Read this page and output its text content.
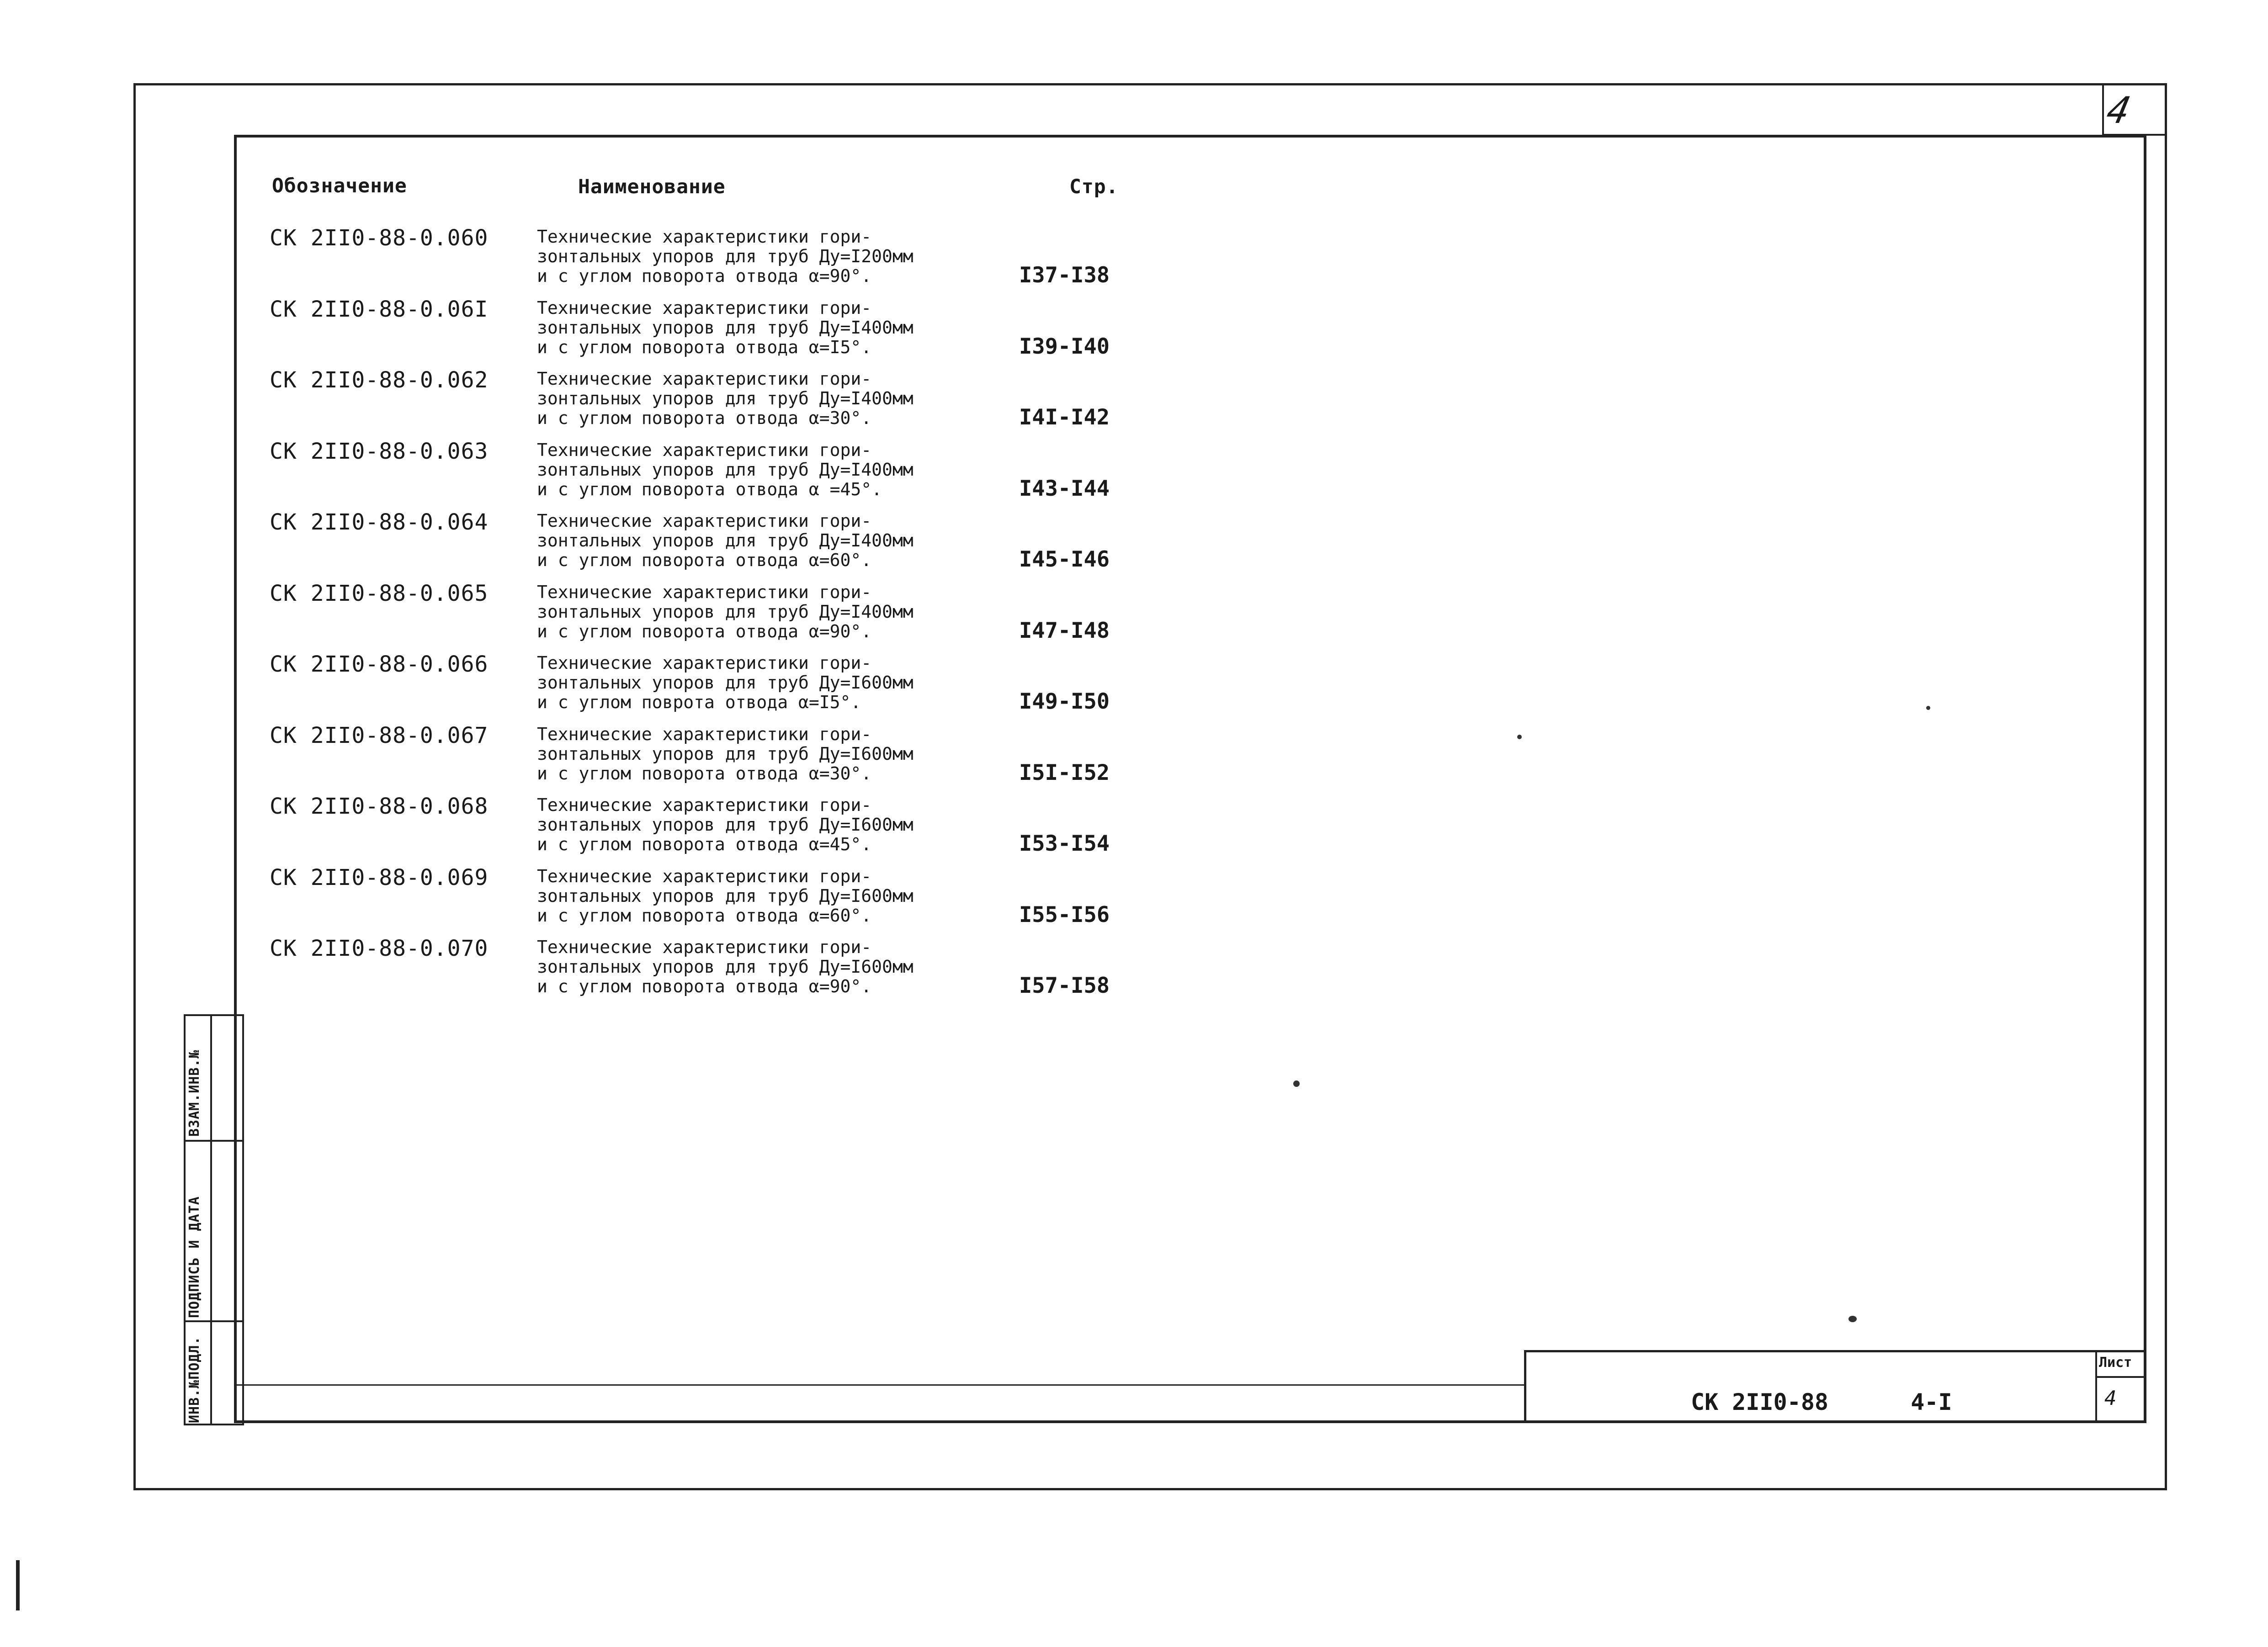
4
ИНВ.№ПОДЛ.
ПОДПИСЬ И ДАТА
ВЗАМ.ИНВ.№
Лист
4
СК 2II0-88	4-I
Обозначение	Наименование	Стр.
СК 2II0-88-0.060	Технические характеристики гори-
зонтальных упоров для труб Ду=I200мм
и с углом поворота отвода α=90°.	I37-I38
СК 2II0-88-0.06I	Технические характеристики гори-
зонтальных упоров для труб Ду=I400мм
и с углом поворота отвода α=I5°.	I39-I40
СК 2II0-88-0.062	Технические характеристики гори-
зонтальных упоров для труб Ду=I400мм
и с углом поворота отвода α=30°.	I4I-I42
СК 2II0-88-0.063	Технические характеристики гори-
зонтальных упоров для труб Ду=I400мм
и с углом поворота отвода α =45°.	I43-I44
СК 2II0-88-0.064	Технические характеристики гори-
зонтальных упоров для труб Ду=I400мм
и с углом поворота отвода α=60°.	I45-I46
СК 2II0-88-0.065	Технические характеристики гори-
зонтальных упоров для труб Ду=I400мм
и с углом поворота отвода α=90°.	I47-I48
СК 2II0-88-0.066	Технические характеристики гори-
зонтальных упоров для труб Ду=I600мм
и с углом поврота отвода α=I5°.	I49-I50
СК 2II0-88-0.067	Технические характеристики гори-
зонтальных упоров для труб Ду=I600мм
и с углом поворота отвода α=30°.	I5I-I52
СК 2II0-88-0.068	Технические характеристики гори-
зонтальных упоров для труб Ду=I600мм
и с углом поворота отвода α=45°.	I53-I54
СК 2II0-88-0.069	Технические характеристики гори-
зонтальных упоров для труб Ду=I600мм
и с углом поворота отвода α=60°.	I55-I56
СК 2II0-88-0.070	Технические характеристики гори-
зонтальных упоров для труб Ду=I600мм
и с углом поворота отвода α=90°.	I57-I58
